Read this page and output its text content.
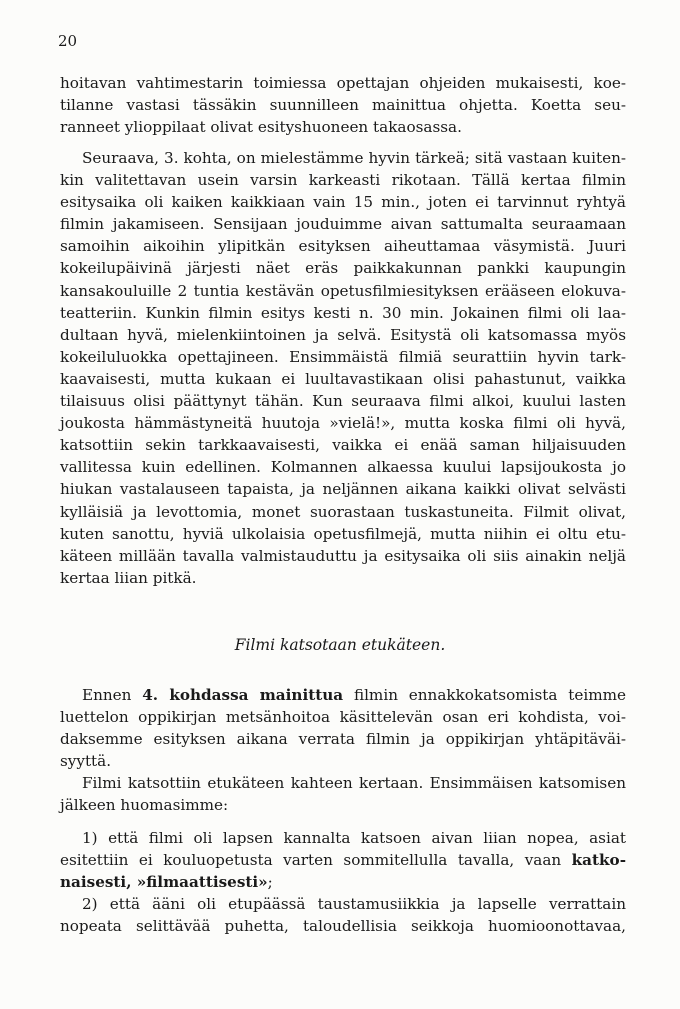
20
hoitavan vahtimestarin toimiessa opettajan ohjeiden mukaisesti, koe-
tilanne vastasi tässäkin suunnilleen mainittua ohjetta. Koetta seu-
ranneet ylioppilaat olivat esityshuoneen takaosassa.
Seuraava, 3. kohta, on mielestämme hyvin tärkeä; sitä vastaan kuiten-
kin valitettavan usein varsin karkeasti rikotaan. Tällä kertaa filmin
esitysaika oli kaiken kaikkiaan vain 15 min., joten ei tarvinnut ryhtyä
filmin jakamiseen. Sensijaan jouduimme aivan sattumalta seuraamaan
samoihin aikoihin ylipitkän esityksen aiheuttamaa väsymistä. Juuri
kokeilupäivinä järjesti näet eräs paikkakunnan pankki kaupungin
kansakouluille 2 tuntia kestävän opetusfilmiesityksen erääseen elokuva-
teatteriin. Kunkin filmin esitys kesti n. 30 min. Jokainen filmi oli laa-
dultaan hyvä, mielenkiintoinen ja selvä. Esitystä oli katsomassa myös
kokeiluluokka opettajineen. Ensimmäistä filmiä seurattiin hyvin tark-
kaavaisesti, mutta kukaan ei luultavastikaan olisi pahastunut, vaikka
tilaisuus olisi päättynyt tähän. Kun seuraava filmi alkoi, kuului lasten
joukosta hämmästyneitä huutoja »vielä!», mutta koska filmi oli hyvä,
katsottiin sekin tarkkaavaisesti, vaikka ei enää saman hiljaisuuden
vallitessa kuin edellinen. Kolmannen alkaessa kuului lapsijoukosta jo
hiukan vastalauseen tapaista, ja neljännen aikana kaikki olivat selvästi
kylläisiä ja levottomia, monet suorastaan tuskastuneita. Filmit olivat,
kuten sanottu, hyviä ulkolaisia opetusfilmejä, mutta niihin ei oltu etu-
käteen millään tavalla valmistauduttu ja esitysaika oli siis ainakin neljä
kertaa liian pitkä.
Filmi katsotaan etukäteen.
Ennen 4. kohdassa mainittua filmin ennakkokatsomista teimme
luettelon oppikirjan metsänhoitoa käsittelevän osan eri kohdista, voi-
daksemme esityksen aikana verrata filmin ja oppikirjan yhtäpitäväi-
syyttä.
Filmi katsottiin etukäteen kahteen kertaan. Ensimmäisen katsomisen
jälkeen huomasimme:
1) että filmi oli lapsen kannalta katsoen aivan liian nopea, asiat
esitettiin ei kouluopetusta varten sommitellulla tavalla, vaan katko-
naisesti, »filmaattisesti»;
2) että ääni oli etupäässä taustamusiikkia ja lapselle verrattain
nopeata selittävää puhetta, taloudellisia seikkoja huomioonottavaa,
